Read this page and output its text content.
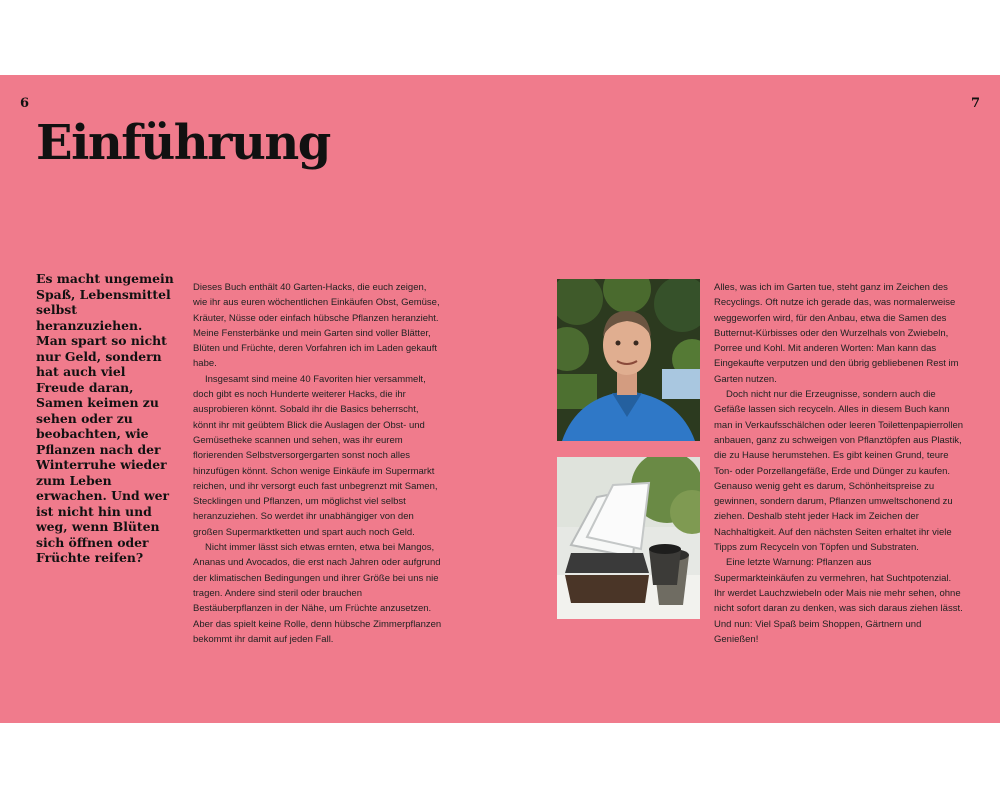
6	7
Einführung
Es macht ungemein Spaß, Lebensmittel selbst heranzuziehen. Man spart so nicht nur Geld, sondern hat auch viel Freude daran, Samen keimen zu sehen oder zu beobachten, wie Pflanzen nach der Winterruhe wieder zum Leben erwachen. Und wer ist nicht hin und weg, wenn Blüten sich öffnen oder Früchte reifen?

Dieses Buch enthält 40 Garten-Hacks, die euch zeigen, wie ihr aus euren wöchentlichen Einkäufen Obst, Gemüse, Kräuter, Nüsse oder einfach hübsche Pflanzen heranzieht. Meine Fensterbänke und mein Garten sind voller Blätter, Blüten und Früchte, deren Vorfahren ich im Laden gekauft habe.

Insgesamt sind meine 40 Favoriten hier versammelt, doch gibt es noch Hunderte weiterer Hacks, die ihr ausprobieren könnt. Sobald ihr die Basics beherrscht, könnt ihr mit geübtem Blick die Auslagen der Obst- und Gemüsetheke scannen und sehen, was ihr eurem florierenden Selbstversorgergarten sonst noch alles hinzufügen könnt. Schon wenige Einkäufe im Supermarkt reichen, und ihr versorgt euch fast unbegrenzt mit Samen, Stecklingen und Pflanzen, um möglichst viel selbst heranzuziehen. So werdet ihr unabhängiger von den großen Supermarktketten und spart auch noch Geld.

Nicht immer lässt sich etwas ernten, etwa bei Mangos, Ananas und Avocados, die erst nach Jahren oder aufgrund der klimatischen Bedingungen und ihrer Größe bei uns nie tragen. Andere sind steril oder brauchen Bestäuberpflanzen in der Nähe, um Früchte anzusetzen. Aber das spielt keine Rolle, denn hübsche Zimmerpflanzen bekommt ihr damit auf jeden Fall.

Alles, was ich im Garten tue, steht ganz im Zeichen des Recyclings. Oft nutze ich gerade das, was normalerweise weggeworfen wird, für den Anbau, etwa die Samen des Butternut-Kürbisses oder den Wurzelhals von Zwiebeln, Porree und Kohl. Mit anderen Worten: Man kann das Eingekaufte verputzen und den übrig gebliebenen Rest im Garten nutzen.

Doch nicht nur die Erzeugnisse, sondern auch die Gefäße lassen sich recyceln. Alles in diesem Buch kann man in Verkaufsschälchen oder leeren Toilettenpapierrollen anbauen, ganz zu schweigen von Pflanztöpfen aus Plastik, die zu Hause herumstehen. Es gibt keinen Grund, teure Ton- oder Porzellangefäße, Erde und Dünger zu kaufen. Genauso wenig geht es darum, Schönheitspreise zu gewinnen, sondern darum, Pflanzen umweltschonend zu ziehen. Deshalb steht jeder Hack im Zeichen der Nachhaltigkeit. Auf den nächsten Seiten erhaltet ihr viele Tipps zum Recyceln von Töpfen und Substraten.

Eine letzte Warnung: Pflanzen aus Supermarkteinkäufen zu vermehren, hat Suchtpotenzial. Ihr werdet Lauchzwiebeln oder Mais nie mehr sehen, ohne nicht sofort daran zu denken, was sich daraus ziehen lässt. Und nun: Viel Spaß beim Shoppen, Gärtnern und Genießen!
